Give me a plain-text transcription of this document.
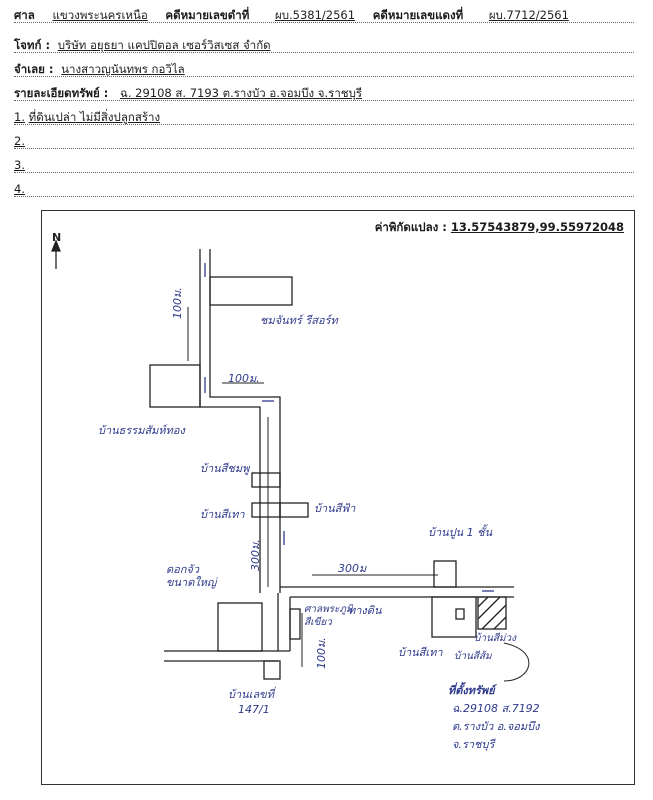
ศาล แขวงพระนครเหนือ คดีหมายเลขดำที่ ผบ.5381/2561 คดีหมายเลขแดงที่ ผบ.7712/2561
โจทก์ : บริษัท อยุธยา แคปปิตอล เซอร์วิสเซส จำกัด
จำเลย : นางสาวญนันทพร กอวิไล
รายละเอียดทรัพย์ : ฉ. 29108 ส. 7193 ต.รางบัว อ.จอมบึง จ.ราชบุรี
1. ที่ดินเปล่า ไม่มีสิ่งปลูกสร้าง
2.
3.
4.
ค่าพิกัดแปลง : 13.57543879,99.55972048
N
ชมจันทร์ รีสอร์ท
100ม.
100ม.
บ้านธรรมสัมห์ทอง
บ้านสีชมพู
บ้านสีเทา	บ้านสีฟ้า
300ม.	300ม
ดอกจัว
ขนาดใหญ่
ศาลพระภูมิ
สีเขียว
ทางดิน
บ้านปูน 1 ชั้น
บ้านสีเทา
บ้านสีม่วง
บ้านสีส้ม
100ม.
บ้านเลขที่
147/1
ที่ตั้งทรัพย์
ฉ.29108 ส.7192
ต.รางบัว อ.จอมบึง
จ.ราชบุรี
